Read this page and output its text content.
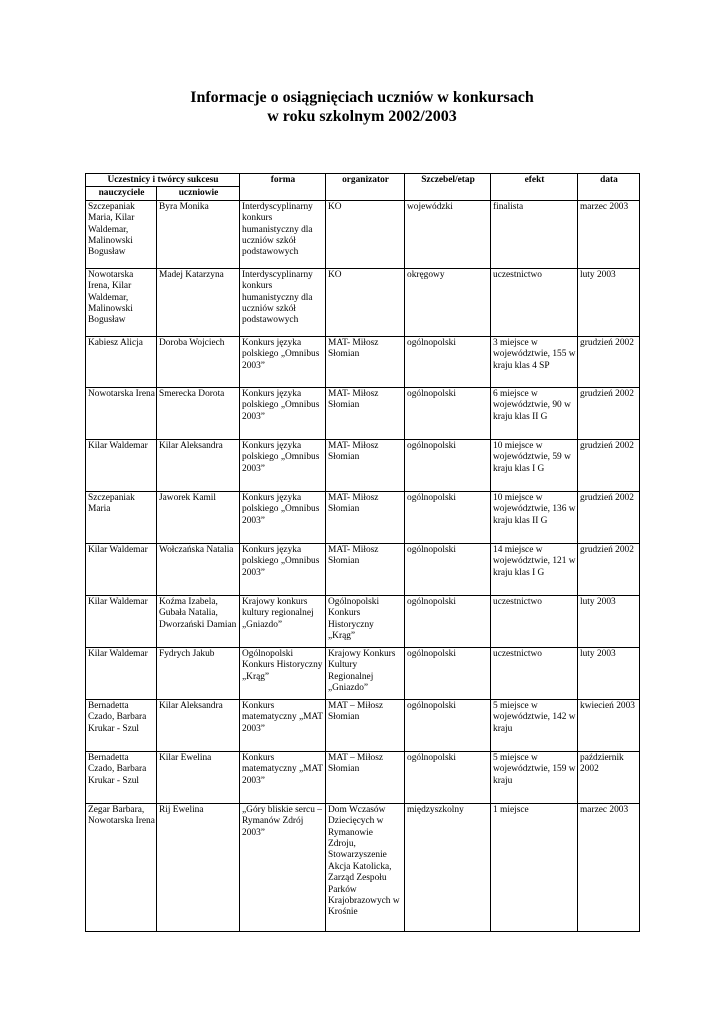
Informacje o osiągnięciach uczniów w konkursach
w roku szkolnym 2002/2003
Uczestnicy i twórcy sukcesu		forma	organizator	Szczebel/etap	efekt	data
nauczyciele	uczniowie					
Szczepaniak Maria, Kilar Waldemar, Malinowski Bogusław	Byra Monika	Interdyscyplinarny konkurs humanistyczny dla uczniów szkół podstawowych	KO	wojewódzki	finalista	marzec 2003
Nowotarska Irena, Kilar Waldemar, Malinowski Bogusław	Madej Katarzyna	Interdyscyplinarny konkurs humanistyczny dla uczniów szkół podstawowych	KO	okręgowy	uczestnictwo	luty 2003
Kabiesz Alicja	Doroba Wojciech	Konkurs języka polskiego „Omnibus 2003”	MAT- Miłosz Słomian	ogólnopolski	3 miejsce w województwie, 155 w kraju klas 4 SP	grudzień 2002
Nowotarska Irena	Smerecka Dorota	Konkurs języka polskiego „Omnibus 2003”	MAT- Miłosz Słomian	ogólnopolski	6 miejsce w województwie, 90 w kraju klas II G	grudzień 2002
Kilar Waldemar	Kilar Aleksandra	Konkurs języka polskiego „Omnibus 2003”	MAT- Miłosz Słomian	ogólnopolski	10 miejsce w województwie, 59 w kraju klas I G	grudzień 2002
Szczepaniak Maria	Jaworek Kamil	Konkurs języka polskiego „Omnibus 2003”	MAT- Miłosz Słomian	ogólnopolski	10 miejsce w województwie, 136 w kraju klas II G	grudzień 2002
Kilar Waldemar	Wołczańska Natalia	Konkurs języka polskiego „Omnibus 2003”	MAT- Miłosz Słomian	ogólnopolski	14 miejsce w województwie, 121 w kraju klas I G	grudzień 2002
Kilar Waldemar	Koźma Izabela, Gubała Natalia, Dworzański Damian	Krajowy konkurs kultury regionalnej „Gniazdo”	Ogólnopolski Konkurs Historyczny „Krąg”	ogólnopolski	uczestnictwo	luty 2003
Kilar Waldemar	Fydrych Jakub	Ogólnopolski Konkurs Historyczny „Krąg”	Krajowy Konkurs Kultury Regionalnej „Gniazdo”	ogólnopolski	uczestnictwo	luty 2003
Bernadetta Czado, Barbara Krukar - Szul	Kilar Aleksandra	Konkurs matematyczny „MAT 2003”	MAT – Miłosz Słomian	ogólnopolski	5 miejsce w województwie, 142 w kraju	kwiecień 2003
Bernadetta Czado, Barbara Krukar - Szul	Kilar Ewelina	Konkurs matematyczny „MAT 2003”	MAT – Miłosz Słomian	ogólnopolski	5 miejsce w województwie, 159 w kraju	październik 2002
Zegar Barbara, Nowotarska Irena	Rij Ewelina	„Góry bliskie sercu – Rymanów Zdrój 2003”	Dom Wczasów Dziecięcych w Rymanowie Zdroju, Stowarzyszenie Akcja Katolicka, Zarząd Zespołu Parków Krajobrazowych w Krośnie	międzyszkolny	1 miejsce	marzec 2003
